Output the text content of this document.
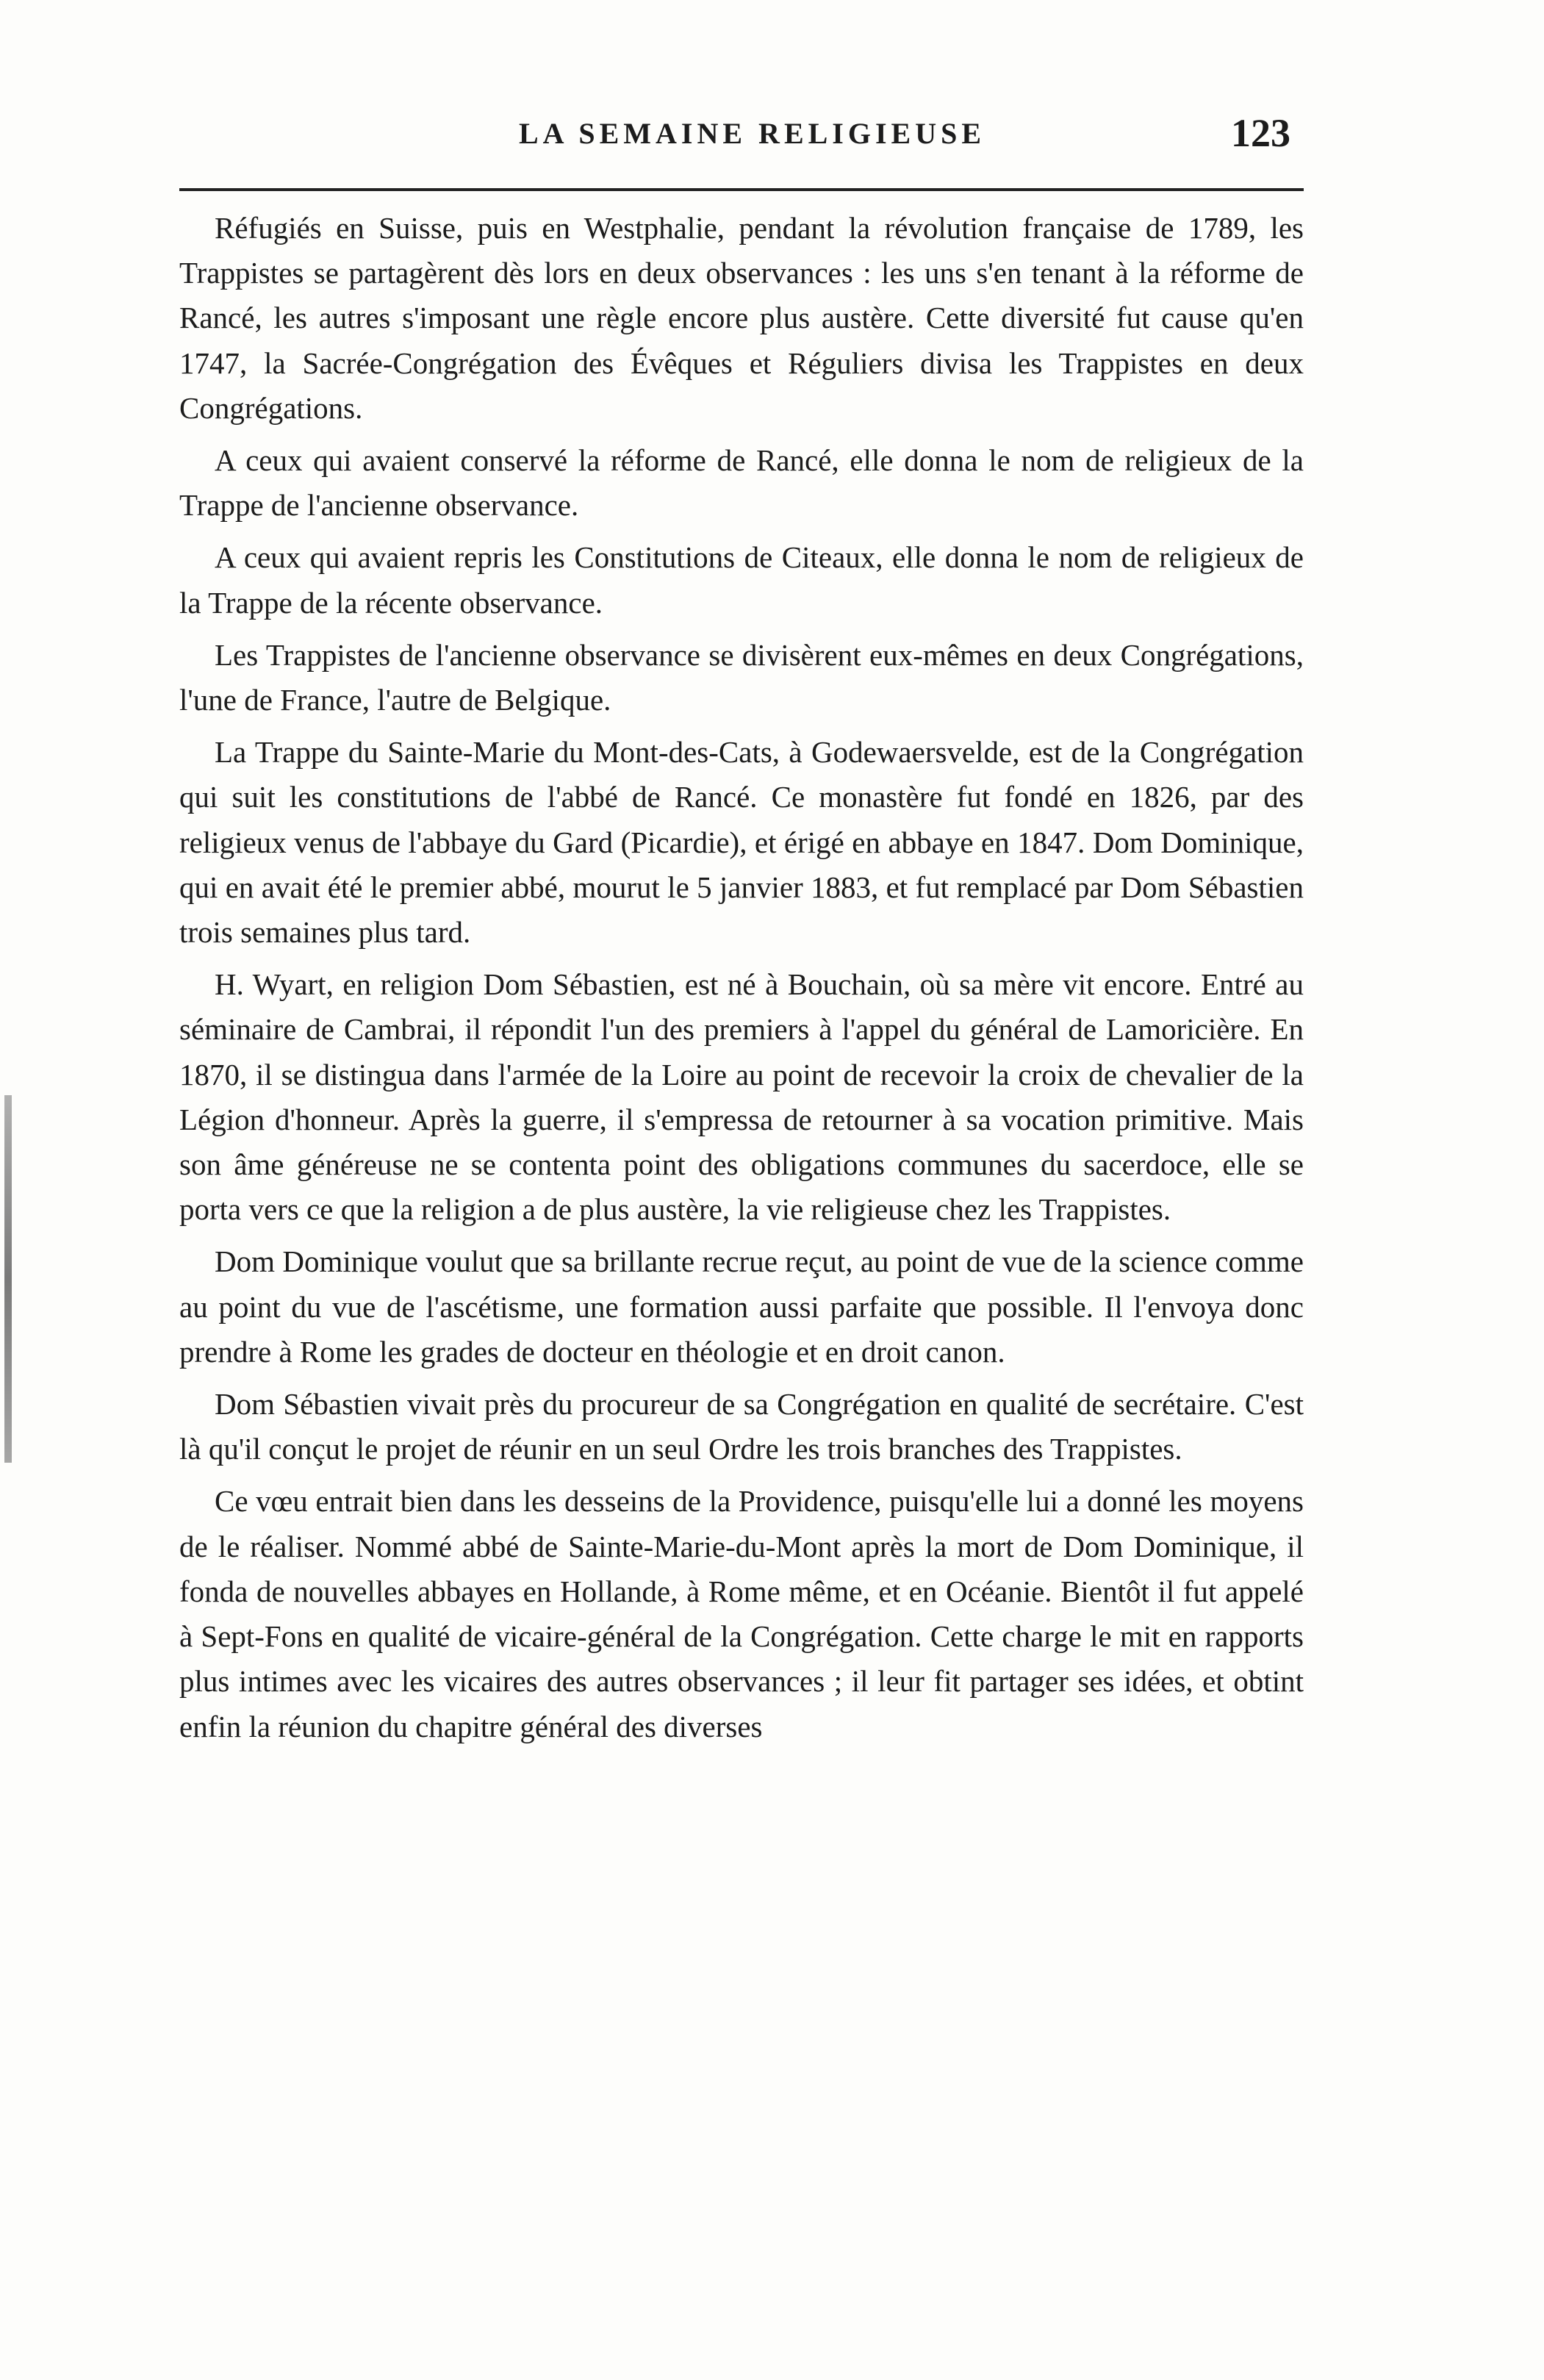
LA SEMAINE RELIGIEUSE	123

Réfugiés en Suisse, puis en Westphalie, pendant la révolution française de 1789, les Trappistes se partagèrent dès lors en deux observances : les uns s'en tenant à la réforme de Rancé, les autres s'imposant une règle encore plus austère. Cette diversité fut cause qu'en 1747, la Sacrée-Congrégation des Évêques et Réguliers divisa les Trappistes en deux Congrégations.

A ceux qui avaient conservé la réforme de Rancé, elle donna le nom de religieux de la Trappe de l'ancienne observance.

A ceux qui avaient repris les Constitutions de Citeaux, elle donna le nom de religieux de la Trappe de la récente observance.

Les Trappistes de l'ancienne observance se divisèrent eux-mêmes en deux Congrégations, l'une de France, l'autre de Belgique.

La Trappe du Sainte-Marie du Mont-des-Cats, à Godewaersvelde, est de la Congrégation qui suit les constitutions de l'abbé de Rancé. Ce monastère fut fondé en 1826, par des religieux venus de l'abbaye du Gard (Picardie), et érigé en abbaye en 1847. Dom Dominique, qui en avait été le premier abbé, mourut le 5 janvier 1883, et fut remplacé par Dom Sébastien trois semaines plus tard.

H. Wyart, en religion Dom Sébastien, est né à Bouchain, où sa mère vit encore. Entré au séminaire de Cambrai, il répondit l'un des premiers à l'appel du général de Lamoricière. En 1870, il se distingua dans l'armée de la Loire au point de recevoir la croix de chevalier de la Légion d'honneur. Après la guerre, il s'empressa de retourner à sa vocation primitive. Mais son âme généreuse ne se contenta point des obligations communes du sacerdoce, elle se porta vers ce que la religion a de plus austère, la vie religieuse chez les Trappistes.

Dom Dominique voulut que sa brillante recrue reçut, au point de vue de la science comme au point du vue de l'ascétisme, une formation aussi parfaite que possible. Il l'envoya donc prendre à Rome les grades de docteur en théologie et en droit canon.

Dom Sébastien vivait près du procureur de sa Congrégation en qualité de secrétaire. C'est là qu'il conçut le projet de réunir en un seul Ordre les trois branches des Trappistes.

Ce vœu entrait bien dans les desseins de la Providence, puisqu'elle lui a donné les moyens de le réaliser. Nommé abbé de Sainte-Marie-du-Mont après la mort de Dom Dominique, il fonda de nouvelles abbayes en Hollande, à Rome même, et en Océanie. Bientôt il fut appelé à Sept-Fons en qualité de vicaire-général de la Congrégation. Cette charge le mit en rapports plus intimes avec les vicaires des autres observances ; il leur fit partager ses idées, et obtint enfin la réunion du chapitre général des diverses
